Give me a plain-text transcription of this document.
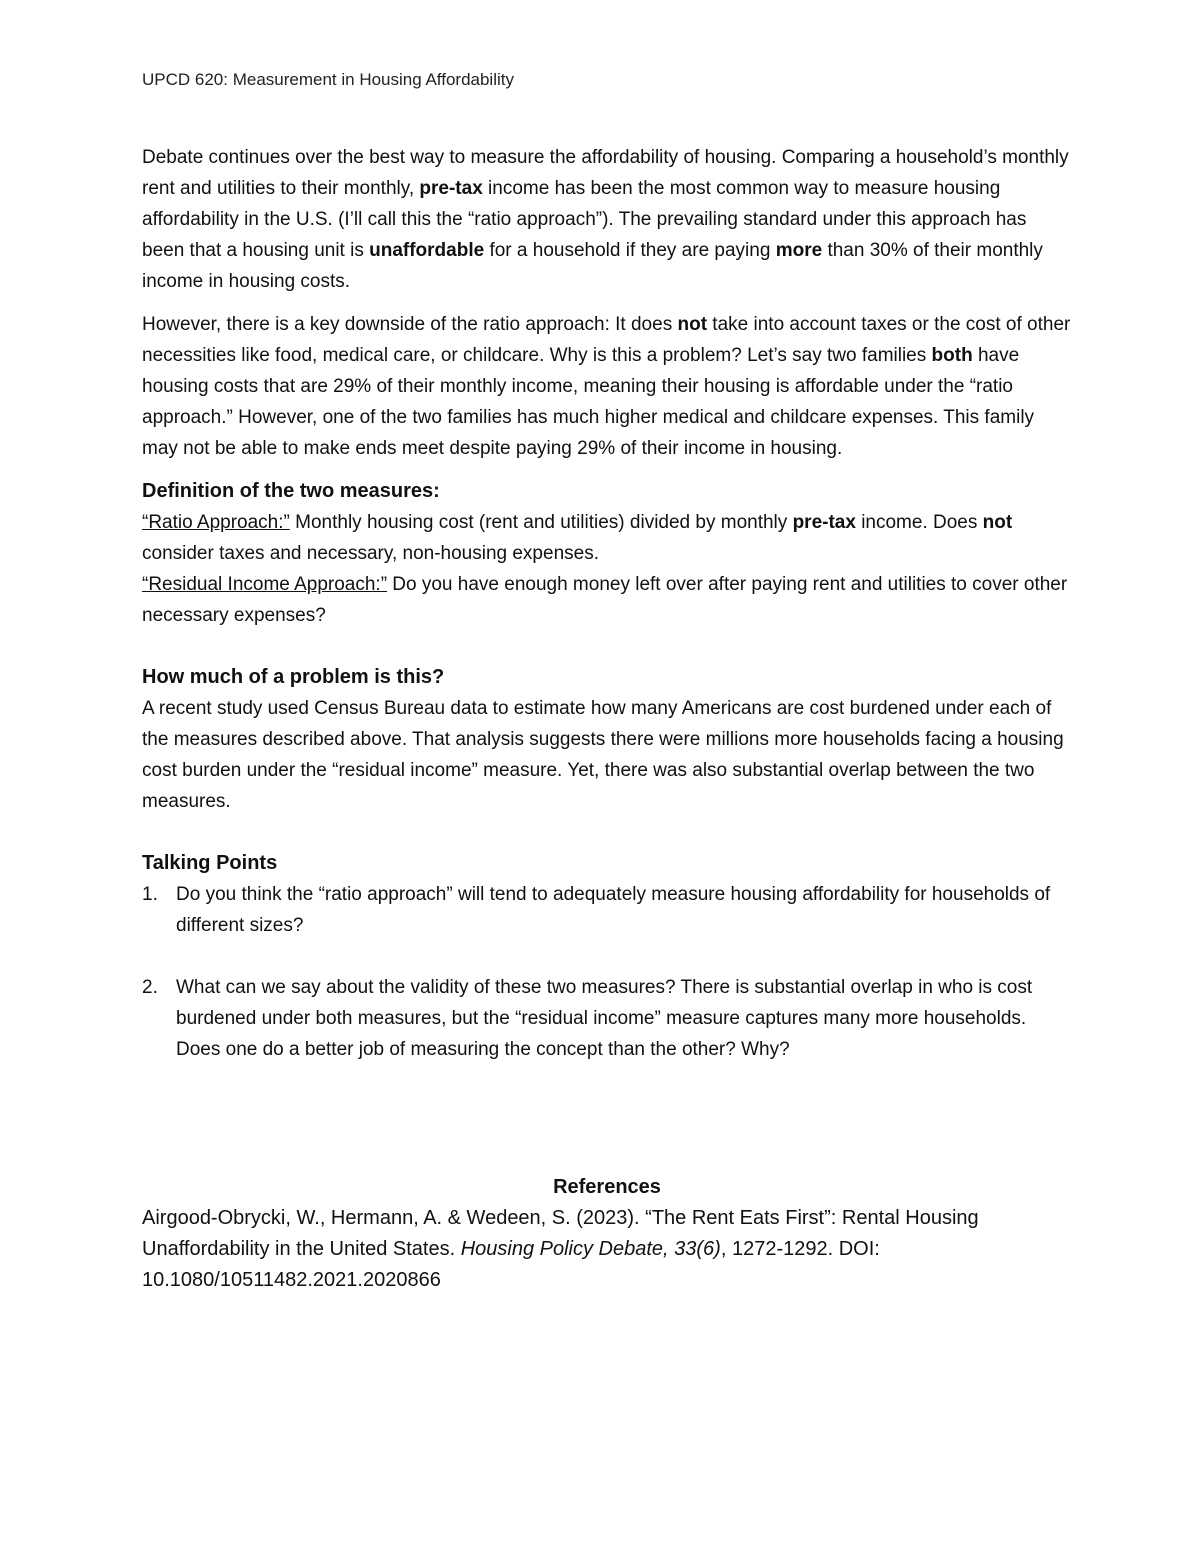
UPCD 620: Measurement in Housing Affordability

Debate continues over the best way to measure the affordability of housing. Comparing a household’s monthly rent and utilities to their monthly, pre-tax income has been the most common way to measure housing affordability in the U.S. (I’ll call this the “ratio approach”). The prevailing standard under this approach has been that a housing unit is unaffordable for a household if they are paying more than 30% of their monthly income in housing costs.

However, there is a key downside of the ratio approach: It does not take into account taxes or the cost of other necessities like food, medical care, or childcare. Why is this a problem? Let’s say two families both have housing costs that are 29% of their monthly income, meaning their housing is affordable under the “ratio approach.” However, one of the two families has much higher medical and childcare expenses. This family may not be able to make ends meet despite paying 29% of their income in housing.

Definition of the two measures:

“Ratio Approach:” Monthly housing cost (rent and utilities) divided by monthly pre-tax income. Does not consider taxes and necessary, non-housing expenses.

“Residual Income Approach:” Do you have enough money left over after paying rent and utilities to cover other necessary expenses?

How much of a problem is this?

A recent study used Census Bureau data to estimate how many Americans are cost burdened under each of the measures described above. That analysis suggests there were millions more households facing a housing cost burden under the “residual income” measure. Yet, there was also substantial overlap between the two measures.

Talking Points

1. Do you think the “ratio approach” will tend to adequately measure housing affordability for households of different sizes?
2. What can we say about the validity of these two measures? There is substantial overlap in who is cost burdened under both measures, but the “residual income” measure captures many more households. Does one do a better job of measuring the concept than the other? Why?

References

Airgood-Obrycki, W., Hermann, A. & Wedeen, S. (2023). “The Rent Eats First”: Rental Housing Unaffordability in the United States. Housing Policy Debate, 33(6), 1272-1292. DOI: 10.1080/10511482.2021.2020866
